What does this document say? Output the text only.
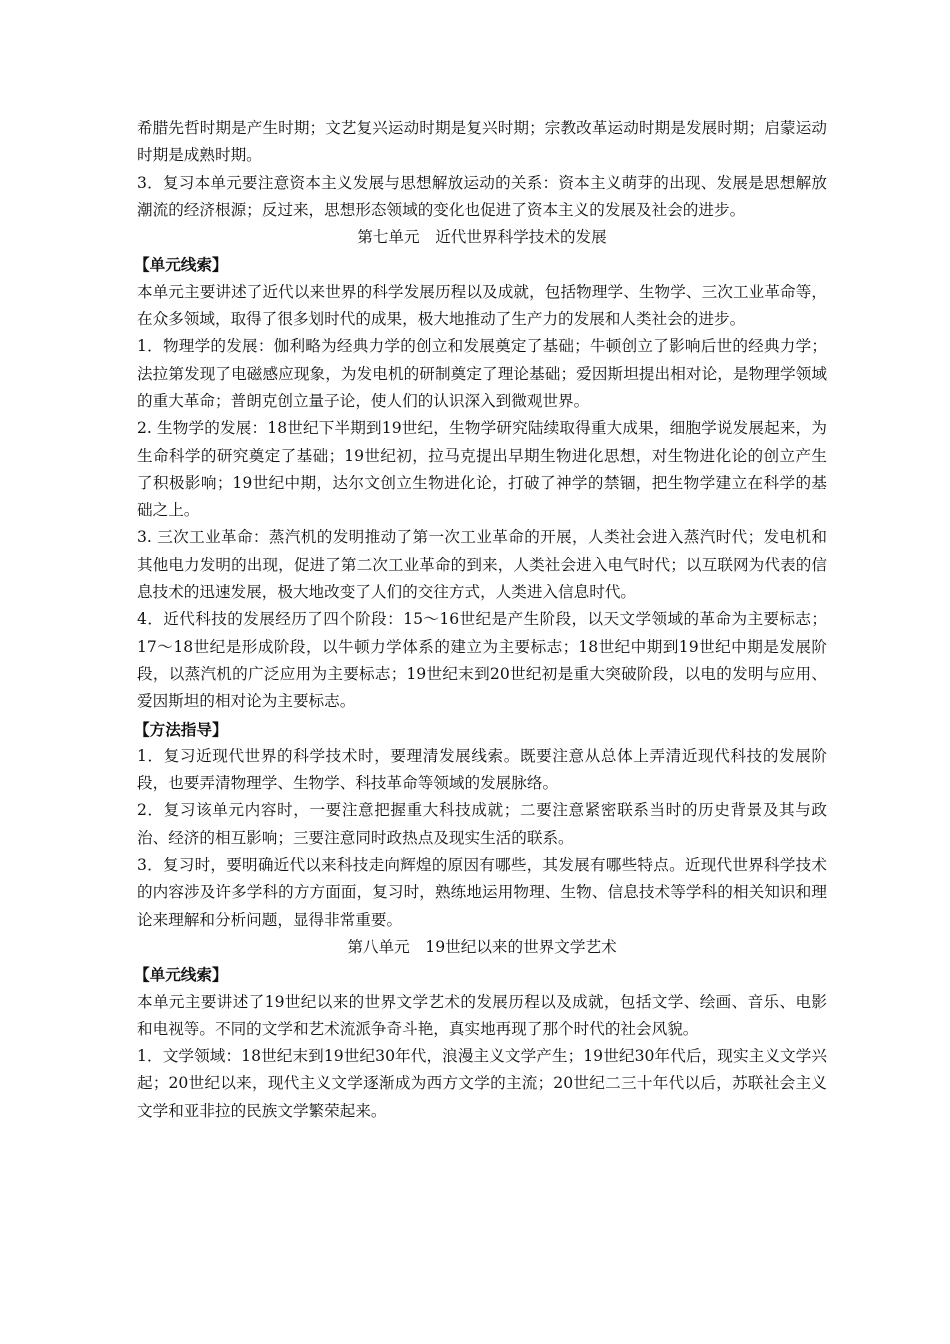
希腊先哲时期是产生时期；文艺复兴运动时期是复兴时期；宗教改革运动时期是发展时期；启蒙运动时期是成熟时期。

3．复习本单元要注意资本主义发展与思想解放运动的关系：资本主义萌芽的出现、发展是思想解放潮流的经济根源；反过来，思想形态领域的变化也促进了资本主义的发展及社会的进步。

第七单元　近代世界科学技术的发展

【单元线索】

本单元主要讲述了近代以来世界的科学发展历程以及成就，包括物理学、生物学、三次工业革命等，在众多领域，取得了很多划时代的成果，极大地推动了生产力的发展和人类社会的进步。

1．物理学的发展：伽利略为经典力学的创立和发展奠定了基础；牛顿创立了影响后世的经典力学；法拉第发现了电磁感应现象，为发电机的研制奠定了理论基础；爱因斯坦提出相对论，是物理学领域的重大革命；普朗克创立量子论，使人们的认识深入到微观世界。

2. 生物学的发展：18世纪下半期到19世纪，生物学研究陆续取得重大成果，细胞学说发展起来，为生命科学的研究奠定了基础；19世纪初，拉马克提出早期生物进化思想，对生物进化论的创立产生了积极影响；19世纪中期，达尔文创立生物进化论，打破了神学的禁锢，把生物学建立在科学的基础之上。

3. 三次工业革命：蒸汽机的发明推动了第一次工业革命的开展，人类社会进入蒸汽时代；发电机和其他电力发明的出现，促进了第二次工业革命的到来，人类社会进入电气时代；以互联网为代表的信息技术的迅速发展，极大地改变了人们的交往方式，人类进入信息时代。

4．近代科技的发展经历了四个阶段：15～16世纪是产生阶段，以天文学领域的革命为主要标志；17～18世纪是形成阶段，以牛顿力学体系的建立为主要标志；18世纪中期到19世纪中期是发展阶段，以蒸汽机的广泛应用为主要标志；19世纪末到20世纪初是重大突破阶段，以电的发明与应用、爱因斯坦的相对论为主要标志。

【方法指导】

1．复习近现代世界的科学技术时，要理清发展线索。既要注意从总体上弄清近现代科技的发展阶段，也要弄清物理学、生物学、科技革命等领域的发展脉络。

2．复习该单元内容时，一要注意把握重大科技成就；二要注意紧密联系当时的历史背景及其与政治、经济的相互影响；三要注意同时政热点及现实生活的联系。

3．复习时，要明确近代以来科技走向辉煌的原因有哪些，其发展有哪些特点。近现代世界科学技术的内容涉及许多学科的方方面面，复习时，熟练地运用物理、生物、信息技术等学科的相关知识和理论来理解和分析问题，显得非常重要。

第八单元　19世纪以来的世界文学艺术

【单元线索】

本单元主要讲述了19世纪以来的世界文学艺术的发展历程以及成就，包括文学、绘画、音乐、电影和电视等。不同的文学和艺术流派争奇斗艳，真实地再现了那个时代的社会风貌。

1．文学领域：18世纪末到19世纪30年代，浪漫主义文学产生；19世纪30年代后，现实主义文学兴起；20世纪以来，现代主义文学逐渐成为西方文学的主流；20世纪二三十年代以后，苏联社会主义文学和亚非拉的民族文学繁荣起来。
